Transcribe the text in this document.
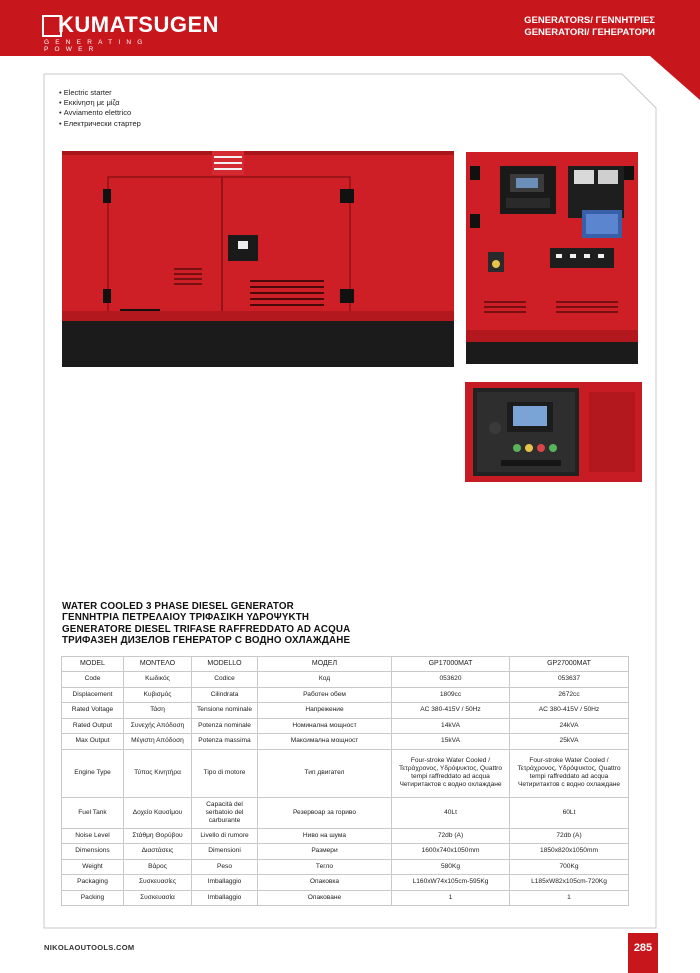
KUMATSUGEN
GENERATING POWER
GENERATORS/ ΓΕΝΝΗΤΡΙΕΣ
GENERATORI/ ГЕНЕРАТОРИ
• Electric starter
• Εκκίνηση με μίζα
• Avviamento elettrico
• Електрически стартер
WATER COOLED 3 PHASE DIESEL GENERATOR
ΓΕΝΝΗΤΡΙΑ ΠΕΤΡΕΛΑΙΟΥ ΤΡΙΦΑΣΙΚΗ ΥΔΡΟΨΥΚΤΗ
GENERATORE DIESEL TRIFASE RAFFREDDATO AD ACQUA
ТРИФАЗЕН ДИЗЕЛОВ ГЕНЕРАТОР С ВОДНО ОХЛАЖДАНЕ
MODEL	ΜΟΝΤΕΛΟ	MODELLO	МОДЕЛ	GP17000MAT	GP27000MAT
Code	Κωδικός	Codice	Код	053620	053637
Displacement	Κυβισμός	Cilindrata	Работен обем	1809cc	2672cc
Rated Voltage	Τάση	Tensione nominale	Напрежение	AC 380-415V / 50Hz	AC 380-415V / 50Hz
Rated Output	Συνεχής Απόδοση	Potenza nominale	Номинална мощност	14kVA	24kVA
Max Output	Μέγιστη Απόδοση	Potenza massima	Максимална мощност	15kVA	25kVA
Engine Type	Τύπος Κινητήρα	Tipo di motore	Тип двигател	Four-stroke Water Cooled / Τετράχρονος, Υδρόψυκτος, Quattro tempi raffreddato ad acqua Четиритактов с водно охлаждане	Four-stroke Water Cooled / Τετράχρονος, Υδρόψυκτος, Quattro tempi raffreddato ad acqua Четиритактов с водно охлаждане
Fuel Tank	Δοχείο Καυσίμου	Capacità del serbatoio del carburante	Резервоар за гориво	40Lt	60Lt
Noise Level	Στάθμη Θορύβου	Livello di rumore	Ниво на шума	72db (A)	72db (A)
Dimensions	Διαστάσεις	Dimensioni	Размери	1600x740x1050mm	1850x820x1050mm
Weight	Βάρος	Peso	Тегло	580Kg	700Kg
Packaging	Συσκευασίες	Imballaggio	Опаковка	L160xW74x105cm-595Kg	L185xW82x105cm-720Kg
Packing	Συσκευασία	Imballaggio	Опаковане	1	1
NIKOLAOUTOOLS.COM	285
